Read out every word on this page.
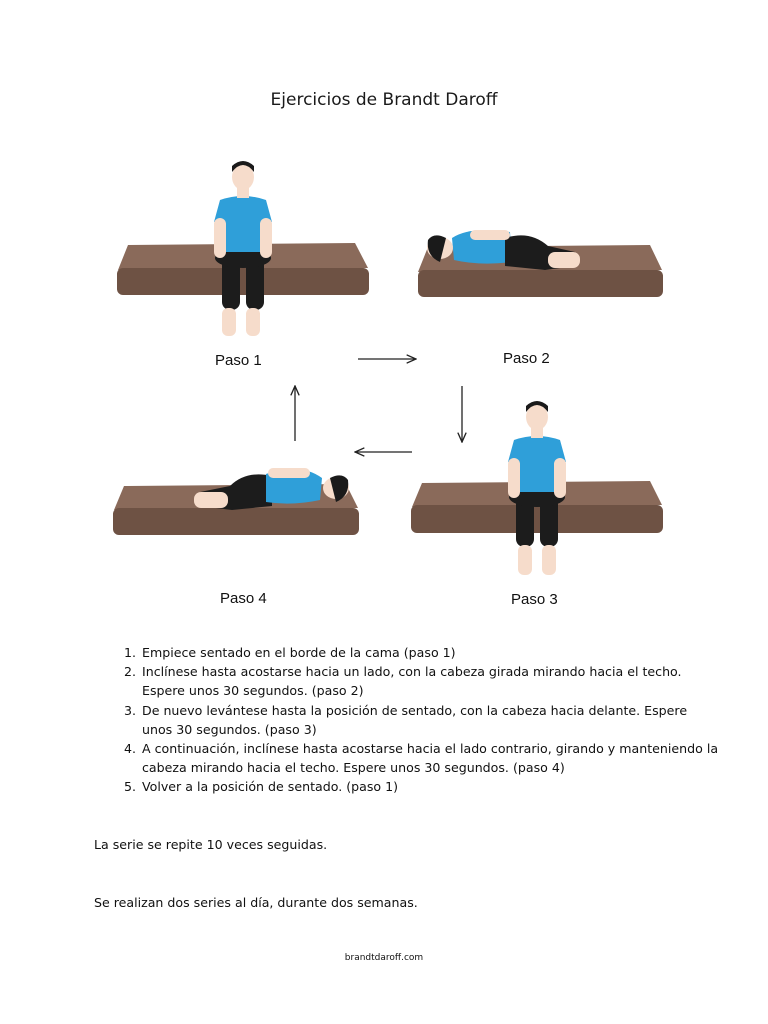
Ejercicios de Brandt Daroff
Paso 1	Paso 2
Paso 3
Paso 4
1. Empiece sentado en el borde de la cama (paso 1)
2. Inclínese hasta acostarse hacia un lado, con la cabeza girada mirando hacia el techo. Espere unos 30 segundos. (paso 2)
3. De nuevo levántese hasta la posición de sentado, con la cabeza hacia delante. Espere unos 30 segundos. (paso 3)
4. A continuación, inclínese hasta acostarse hacia el lado contrario, girando y manteniendo la cabeza mirando hacia el techo. Espere unos 30 segundos. (paso 4)
5. Volver a la posición de sentado. (paso 1)
La serie se repite 10 veces seguidas.
Se realizan dos series al día, durante dos semanas.
brandtdaroff.com
